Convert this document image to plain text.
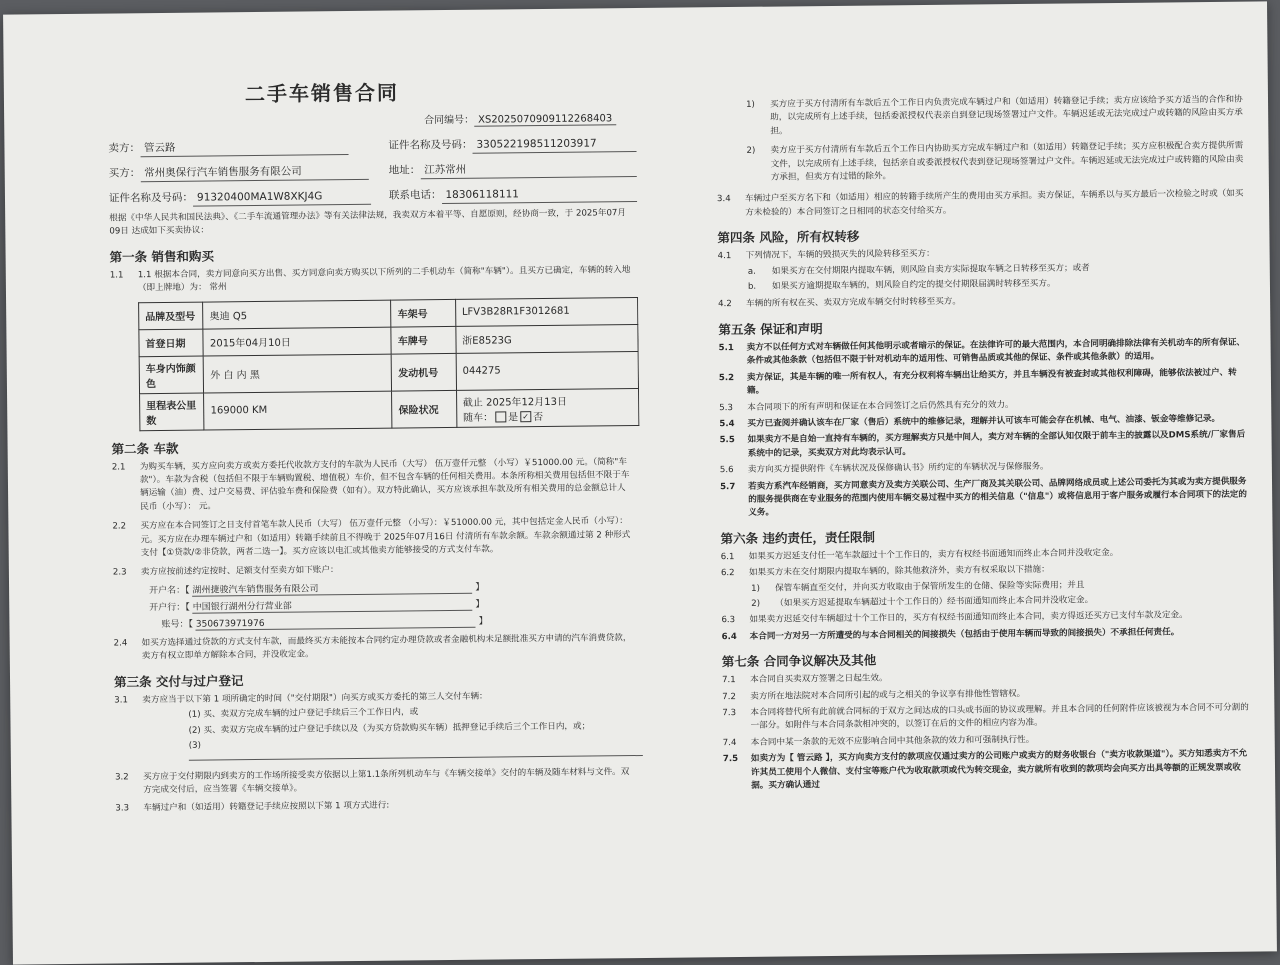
二手车销售合同
合同编号： XS2025070909112268403
卖方： 管云路	证件名称及号码： 330522198511203917
买方： 常州奥保行汽车销售服务有限公司	地址： 江苏常州
证件名称及号码： 91320400MA1W8XKJ4G	联系电话： 18306118111

根据《中华人民共和国民法典》、《二手车流通管理办法》等有关法律法规，我卖双方本着平等、自愿原则，经协商一致，于 2025年07月09日 达成如下买卖协议：

第一条 销售和购买
1.1 1.1 根据本合同，卖方同意向买方出售、买方同意向卖方购买以下所列的二手机动车（简称"车辆"）。且买方已确定，车辆的转入地（即上牌地）为： 常州
品牌及型号	奥迪 Q5	车架号	LFV3B28R1F3012681
首登日期	2015年04月10日	车牌号	浙E8523G
车身内饰颜色	外 白 内 黑	发动机号	044275
里程表公里数	169000 KM	保险状况	截止 2025年12月13日
随车： 是 ✓ 否
第二条 车款
2.1 为购买车辆，买方应向卖方或卖方委托代收款方支付的车款为人民币（大写） 伍万壹仟元整 （小写）￥51000.00 元。（简称"车款"）。车款为含税（包括但不限于车辆购置税、增值税）车价，但不包含车辆的任何相关费用。本条所称相关费用包括但不限于车辆运输（油）费、过户交易费、评估验车费和保险费（如有）。双方特此确认，买方应该承担车款及所有相关费用的总金额总计人民币（小写）： 元。
2.2 买方应在本合同签订之日支付首笔车款人民币（大写） 伍万壹仟元整 （小写）：￥51000.00 元，其中包括定金人民币（小写）： 元。买方应在办理车辆过户和（如适用）转籍手续前且不得晚于 2025年07月16日 付清所有车款余额。车款余额通过第 2 种形式支付【①贷款/②非贷款，两者二选一】。买方应该以电汇或其他卖方能够接受的方式支付车款。
2.3 卖方应按前述约定按时、足额支付至卖方如下账户：
开户名：【 湖州捷骏汽车销售服务有限公司	】
开户行：【 中国银行湖州分行营业部	】
账号：【 350673971976	】
2.4 如买方选择通过贷款的方式支付车款，而最终买方未能按本合同约定办理贷款或者金融机构未足额批准买方申请的汽车消费贷款，卖方有权立即单方解除本合同，并没收定金。
第三条 交付与过户登记
3.1 卖方应当于以下第 1 项所确定的时间（"交付期限"）向买方或买方委托的第三人交付车辆：
(1) 买、卖双方完成车辆的过户登记手续后三个工作日内，或
(2) 买、卖双方完成车辆的过户登记手续以及（为买方贷款购买车辆）抵押登记手续后三个工作日内，或；
(3)
3.2 买方应于交付期限内到卖方的工作场所接受卖方依据以上第1.1条所列机动车与《车辆交接单》交付的车辆及随车材料与文件。双方完成交付后，应当签署《车辆交接单》。
3.3 车辆过户和（如适用）转籍登记手续应按照以下第 1 项方式进行:
1) 买方应于买方付清所有车款后五个工作日内负责完成车辆过户和（如适用）转籍登记手续；卖方应该给予买方适当的合作和协助，以完成所有上述手续，包括委派授权代表亲自到登记现场签署过户文件。车辆迟延或无法完成过户或转籍的风险由买方承担。
2) 卖方应于买方付清所有车款后五个工作日内协助买方完成车辆过户和（如适用）转籍登记手续；买方应积极配合卖方提供所需文件，以完成所有上述手续，包括亲自或委派授权代表到登记现场签署过户文件。车辆迟延或无法完成过户或转籍的风险由卖方承担，但卖方有过错的除外。
3.4 车辆过户至买方名下和（如适用）相应的转籍手续所产生的费用由买方承担。卖方保证，车辆系以与买方最后一次检验之时或（如买方未检验的）本合同签订之日相同的状态交付给买方。
第四条 风险，所有权转移
4.1 下列情况下，车辆的毁损灭失的风险转移至买方：
a. 如果买方在交付期限内提取车辆，则风险自卖方实际提取车辆之日转移至买方；或者
b. 如果买方逾期提取车辆的，则风险自约定的提交付期限届满时转移至买方。
4.2 车辆的所有权在买、卖双方完成车辆交付时转移至买方。
第五条 保证和声明
5.1 卖方不以任何方式对车辆做任何其他明示或者暗示的保证。在法律许可的最大范围内，本合同明确排除法律有关机动车的所有保证、条件或其他条款（包括但不限于针对机动车的适用性、可销售品质或其他的保证、条件或其他条款）的适用。
5.2 卖方保证，其是车辆的唯一所有权人，有充分权利将车辆出让给买方，并且车辆没有被查封或其他权利障碍，能够依法被过户、转籍。
5.3 本合同项下的所有声明和保证在本合同签订之后仍然具有充分的效力。
5.4 买方已查阅并确认该车在厂家（售后）系统中的维修记录，理解并认可该车可能会存在机械、电气、油漆、钣金等维修记录。
5.5 如果卖方不是自始一直持有车辆的，买方理解卖方只是中间人，卖方对车辆的全部认知仅限于前车主的披露以及DMS系统/厂家售后系统中的记录，买卖双方对此均表示认可。
5.6 卖方向买方提供附件《车辆状况及保修确认书》所约定的车辆状况与保修服务。
5.7 若卖方系汽车经销商，买方同意卖方及卖方关联公司、生产厂商及其关联公司、品牌网络成员或上述公司委托为其或为卖方提供服务的服务提供商在专业服务的范围内使用车辆交易过程中买方的相关信息（"信息"）或将信息用于客户服务或履行本合同项下的法定的义务。
第六条 违约责任，责任限制
6.1 如果买方迟延支付任一笔车款超过十个工作日的，卖方有权经书面通知而终止本合同并没收定金。
6.2 如果买方未在交付期限内提取车辆的，除其他救济外，卖方有权采取以下措施：
1) 保管车辆直至交付，并向买方收取由于保管所发生的仓储、保险等实际费用；并且
2) （如果买方迟延提取车辆超过十个工作日的）经书面通知而终止本合同并没收定金。
6.3 如果卖方迟延交付车辆超过十个工作日的，买方有权经书面通知而终止本合同，卖方得返还买方已支付车款及定金。
6.4 本合同一方对另一方所遭受的与本合同相关的间接损失（包括由于使用车辆而导致的间接损失）不承担任何责任。
第七条 合同争议解决及其他
7.1 本合同自买卖双方签署之日起生效。
7.2 卖方所在地法院对本合同所引起的或与之相关的争议享有排他性管辖权。
7.3 本合同将替代所有此前就合同标的于双方之间达成的口头或书面的协议或理解。并且本合同的任何附件应该被视为本合同不可分割的一部分。如附件与本合同条款相冲突的，以签订在后的文件的相应内容为准。
7.4 本合同中某一条款的无效不应影响合同中其他条款的效力和可强制执行性。
7.5 如卖方为【 管云路 】，买方向卖方支付的款项应仅通过卖方的公司账户或卖方的财务收银台（"卖方收款渠道"）。买方知悉卖方不允许其员工使用个人微信、支付宝等账户代为收取款项或代为转交现金，卖方就所有收到的款项均会向买方出具等额的正规发票或收据。买方确认通过
